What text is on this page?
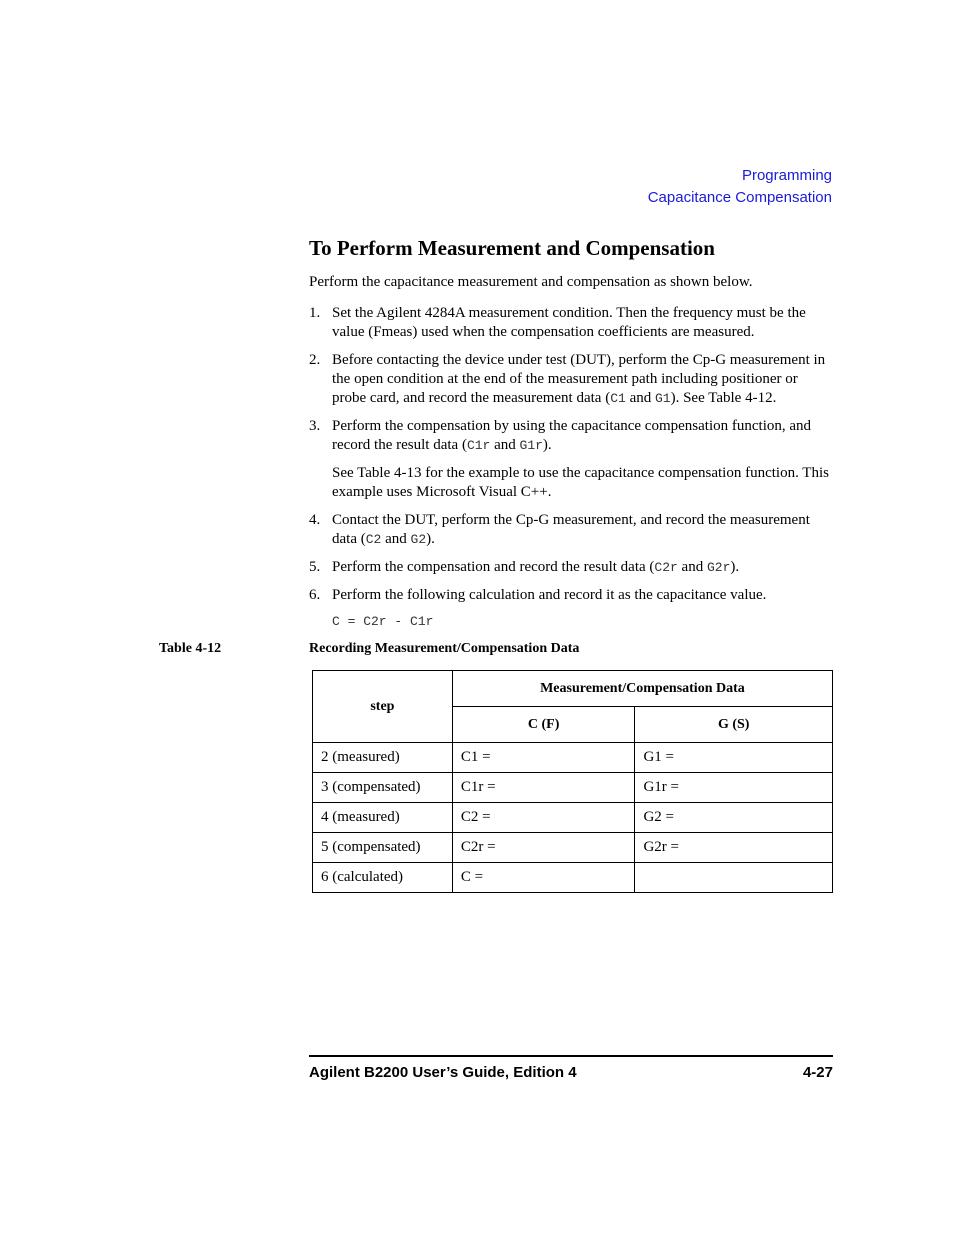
Programming
Capacitance Compensation
To Perform Measurement and Compensation
Perform the capacitance measurement and compensation as shown below.
1. Set the Agilent 4284A measurement condition. Then the frequency must be the value (Fmeas) used when the compensation coefficients are measured.

2. Before contacting the device under test (DUT), perform the Cp-G measurement in the open condition at the end of the measurement path including positioner or probe card, and record the measurement data (C1 and G1). See Table 4-12.

3. Perform the compensation by using the capacitance compensation function, and record the result data (C1r and G1r).

See Table 4-13 for the example to use the capacitance compensation function. This example uses Microsoft Visual C++.

4. Contact the DUT, perform the Cp-G measurement, and record the measurement data (C2 and G2).

5. Perform the compensation and record the result data (C2r and G2r).

6. Perform the following calculation and record it as the capacitance value.

C = C2r - C1r
Table 4-12	Recording Measurement/Compensation Data
step	Measurement/Compensation Data	
	C (F)	G (S)
2 (measured)	C1 =	G1 =
3 (compensated)	C1r =	G1r =
4 (measured)	C2 =	G2 =
5 (compensated)	C2r =	G2r =
6 (calculated)	C =	
Agilent B2200 User’s Guide, Edition 4	4-27
